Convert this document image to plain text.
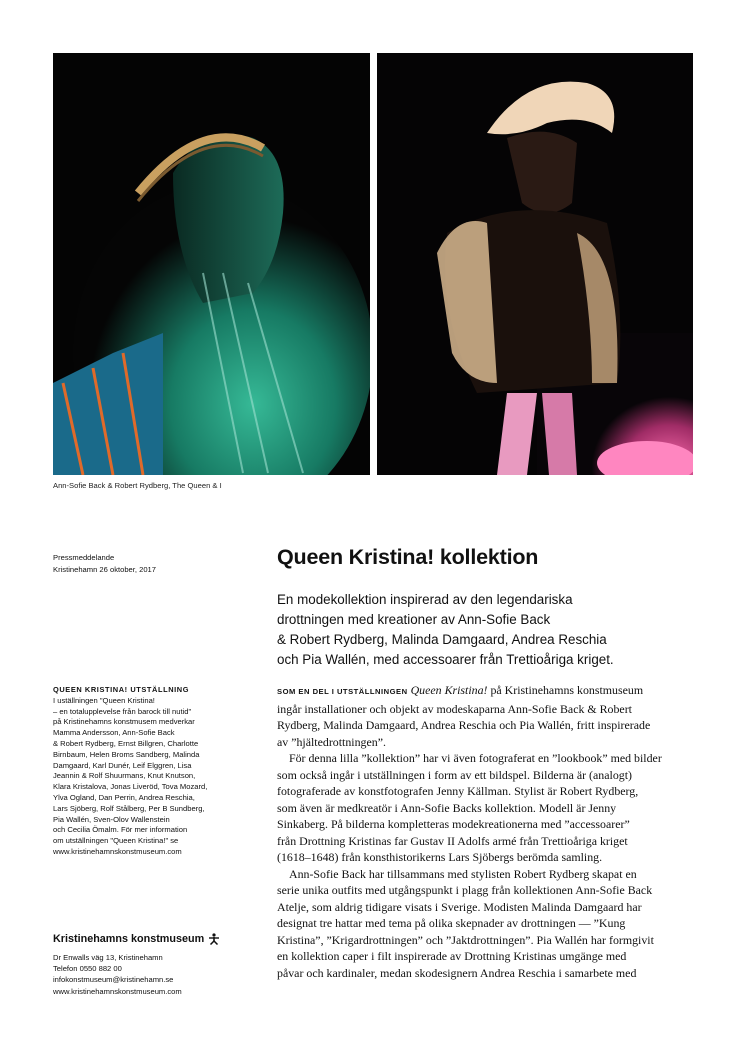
Ann-Sofie Back & Robert Rydberg, The Queen & I
Pressmeddelande
Kristinehamn 26 oktober, 2017
QUEEN KRISTINA! UTSTÄLLNING
I uställningen "Queen Kristina!
– en totalupplevelse från barock till nutid"
på Kristinehamns konstmusem medverkar
Mamma Andersson, Ann-Sofie Back
& Robert Rydberg, Ernst Billgren, Charlotte
Birnbaum, Helen Broms Sandberg, Malinda
Damgaard, Karl Dunér, Leif Elggren, Lisa
Jeannin & Rolf Shuurmans, Knut Knutson,
Klara Kristalova, Jonas Liveröd, Tova Mozard,
Ylva Ogland, Dan Perrin, Andrea Reschia,
Lars Sjöberg, Rolf Stålberg, Per B Sundberg,
Pia Wallén, Sven-Olov Wallenstein
och Cecilia Ömalm. För mer information
om utställningen "Queen Kristina!" se
www.kristinehamnskonstmuseum.com
Kristinehamns konstmuseum
Dr Enwalls väg 13, Kristinehamn
Telefon 0550 882 00
infokonstmuseum@kristinehamn.se
www.kristinehamnskonstmuseum.com
Queen Kristina! kollektion
En modekollektion inspirerad av den legendariska
drottningen med kreationer av Ann-Sofie Back
& Robert Rydberg, Malinda Damgaard, Andrea Reschia
och Pia Wallén, med accessoarer från Trettioåriga kriget.
SOM EN DEL I UTSTÄLLNINGEN Queen Kristina! på Kristinehamns konstmuseum
ingår installationer och objekt av modeskaparna Ann-Sofie Back & Robert
Rydberg, Malinda Damgaard, Andrea Reschia och Pia Wallén, fritt inspirerade
av ”hjältedrottningen”.
För denna lilla ”kollektion” har vi även fotograferat en ”lookbook” med bilder
som också ingår i utställningen i form av ett bildspel. Bilderna är (analogt)
fotograferade av konstfotografen Jenny Källman. Stylist är Robert Rydberg,
som även är medkreatör i Ann-Sofie Backs kollektion. Modell är Jenny
Sinkaberg. På bilderna kompletteras modekreationerna med ”accessoarer”
från Drottning Kristinas far Gustav II Adolfs armé från Trettioåriga kriget
(1618–1648) från konsthistorikerns Lars Sjöbergs berömda samling.
Ann-Sofie Back har tillsammans med stylisten Robert Rydberg skapat en
serie unika outfits med utgångspunkt i plagg från kollektionen Ann-Sofie Back
Atelje, som aldrig tidigare visats i Sverige. Modisten Malinda Damgaard har
designat tre hattar med tema på olika skepnader av drottningen — ”Kung
Kristina”, ”Krigardrottningen” och ”Jaktdrottningen”. Pia Wallén har formgivit
en kollektion caper i filt inspirerade av Drottning Kristinas umgänge med
påvar och kardinaler, medan skodesignern Andrea Reschia i samarbete med
